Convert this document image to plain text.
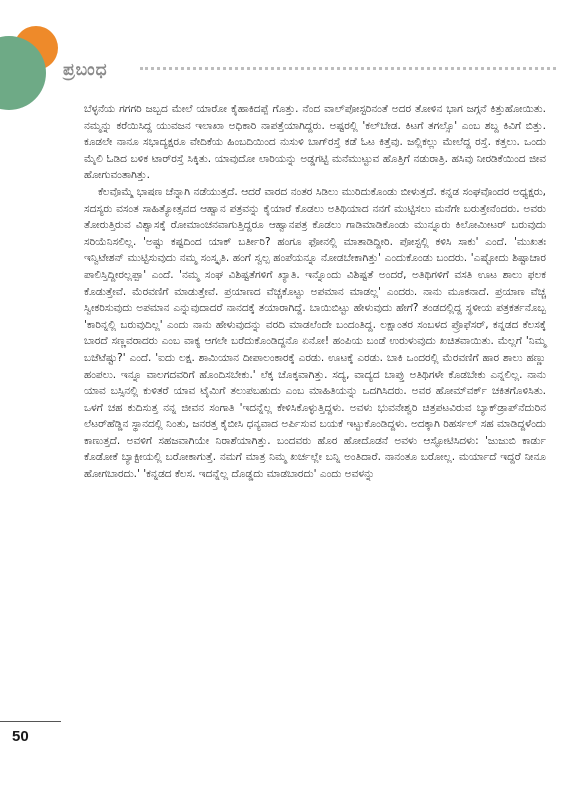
ಪ್ರಬಂಧ

ಬೆಳ್ಳನೆಯ ಗಗಗರಿ ಜಬ್ಬದ ಮೇಲೆ ಯಾರೋ ಕೈಹಾಕಿದಪ್ಪೆ ಗೊತ್ತು. ನೆಂದ ವಾಲ್‌ಪೋಸ್ಟರಿನಂತೆ ಅದರ ತೋಳಿನ ಭಾಗ ಜಗ್ಗನೆ ಕಿತ್ತುಹೋಯಿತು. ನಮ್ಮನ್ನು ಕರೆಯಿಸಿದ್ದ ಯುವಜನ ಇಲಾಖಾ ಅಧಿಕಾರಿ ನಾಪತ್ತೆಯಾಗಿದ್ದರು. ಅಷ್ಟರಲ್ಲಿ 'ಕಲ್‌ಬೇಡ. ಕಿಟಗೆ ತಗಲ್ಸೊ' ಎಂಬ ಶಬ್ದ ಕಿವಿಗೆ ಬಿತ್ತು. ಕೂಡಲೇ ನಾನೂ ಸಭಾದ್ಯಕ್ಷರೂ ವೇದಿಕೆಯ ಹಿಂಬದಿಯಿಂದ ನುಸುಳಿ ಬಾಗ್‌ರಸ್ತೆ ಕಡೆ ಓಟ ಕಿತ್ತೆವು. ಜಲ್ಲಿಕಲ್ಲು ಮೇಲೆದ್ದ ರಸ್ತೆ. ಕತ್ತಲು. ಒಂದು ಮೈಲಿ ಓಡಿದ ಬಳಿಕ ಟಾರ್‌ರಸ್ತೆ ಸಿಕ್ಕಿತು. ಯಾವುದೋ ಲಾರಿಯನ್ನು ಅಡ್ಡಗಟ್ಟಿ ಮನೆಮುಟ್ಟುವ ಹೊತ್ತಿಗೆ ನಡುರಾತ್ರಿ. ಹಸಿವು ನೀರಡಿಕೆಯಿಂದ ಜೀವ ಹೋಗುವಂತಾಗಿತ್ತು.

ಕೆಲವೊಮ್ಮೆ ಭಾಷಣ ಚೆನ್ನಾಗಿ ನಡೆಯುತ್ತದೆ. ಆದರೆ ವಾರದ ನಂತರ ಸಿಡಿಲು ಮುರಿದುಕೊಂಡು ಬೀಳುತ್ತದೆ. ಕನ್ನಡ ಸಂಘವೊಂದರ ಅಧ್ಯಕ್ಷರು, ಸದಸ್ಯರು ವಸಂತ ಸಾಹಿತ್ಯೋತ್ಸವದ ಆಹ್ವಾನ ಪತ್ರವನ್ನು ಕೈಯಾರೆ ಕೊಡಲು ಅತಿಥಿಯಾದ ನನಗೆ ಮುಟ್ಟಿಸಲು ಮನೆಗೇ ಬರುತ್ತೇನೆಂದರು. ಅವರು ತೋರುತ್ತಿರುವ ವಿಶ್ವಾಸಕ್ಕೆ ರೋಮಾಂಚನವಾಗುತ್ತಿದ್ದರೂ ಆಹ್ವಾನಪತ್ರ ಕೊಡಲು ಗಾಡಿಮಾಡಿಕೊಂಡು ಮುನ್ನೂರು ಕಿಲೋಮೀಟರ್ ಬರುವುದು ಸರಿಯೆನಿಸಲಿಲ್ಲ. 'ಅಷ್ಟು ಕಷ್ಟದಿಂದ ಯಾಕ್ ಬರ್ತೀರಿ? ಹಂಗೂ ಫೋನಲ್ಲಿ ಮಾತಾಡಿದ್ದೀರಿ. ಪೋಸ್ಟಲ್ಲಿ ಕಳಿಸಿ ಸಾಕು' ಎಂದೆ. 'ಮುಖತಃ ಇನ್ವಿಟೇಶನ್ ಮುಟ್ಟಿಸುವುದು ನಮ್ಮ ಸಂಸ್ಕೃತಿ. ಹಂಗೆ ಸ್ವಲ್ಪ ಹಂಪೆಯನ್ನೂ ನೋಡಬೇಕಾಗಿತ್ತು' ಎಂದುಕೊಂಡು ಬಂದರು. 'ಎಷ್ಟೋದು ಶಿಷ್ಟಾಚಾರ ಪಾಲಿಸ್ತಿದ್ದೀರಲ್ಲಪ್ಪಾ' ಎಂದೆ. 'ನಮ್ಮ ಸಂಘ ವಿಶಿಷ್ಟತೆಗಳಿಗೆ ಖ್ಯಾತಿ. ಇನ್ನೊಂದು ವಿಶಿಷ್ಟತೆ ಅಂದರೆ, ಅತಿಥಿಗಳಿಗೆ ವಸತಿ ಊಟ ಶಾಲು ಫಲಕ ಕೊಡುತ್ತೇವೆ. ಮೆರವಣಿಗೆ ಮಾಡುತ್ತೇವೆ. ಪ್ರಯಾಣದ ವೆಚ್ಚಕೊಟ್ಟು ಅಪಮಾನ ಮಾಡಲ್ಲ' ಎಂದರು. ನಾನು ಮೂಕನಾದೆ. ಪ್ರಯಾಣ ವೆಚ್ಚ ಸ್ವೀಕರಿಸುವುದು ಅಪಮಾನ ಎನ್ನುವುದಾದರೆ ನಾನದಕ್ಕೆ ತಯಾರಾಗಿದ್ದೆ. ಬಾಯಿಬಿಟ್ಟು ಹೇಳುವುದು ಹೇಗೆ? ತಂಡದಲ್ಲಿದ್ದ ಸ್ಥಳೀಯ ಪತ್ರಕರ್ತನೊಬ್ಬ 'ಕಾರಿನ್ನಲ್ಲಿ ಬರುವುದಿಲ್ಲ' ಎಂದು ನಾನು ಹೇಳುವುದನ್ನು ವರದಿ ಮಾಡಲೆಂದೇ ಬಂದಂತಿದ್ದ. ಲಕ್ಷಾಂತರ ಸಂಬಳದ ಪ್ರೊಫೆಸರ್, ಕನ್ನಡದ ಕೆಲಸಕ್ಕೆ ಬಾರದೆ ಸಣ್ಣವರಾದರು ಎಂಬ ವಾಕ್ಯ ಆಗಲೇ ಬರೆದುಕೊಂಡಿದ್ದನೊ ಏನೋ! ಹಂಪಿಯ ಬಂಡೆ ಉರುಳುವುದು ಖಚಿತವಾಯಿತು. ಮೆಲ್ಲಗೆ 'ನಿಮ್ಮ ಬಜೆಟೆಷ್ಟು?' ಎಂದೆ. 'ಐದು ಲಕ್ಷ. ಶಾಮಿಯಾನ ದೀಪಾಲಂಕಾರಕ್ಕೆ ಎರಡು. ಊಟಕ್ಕೆ ಎರಡು. ಬಾಕಿ ಒಂದರಲ್ಲಿ ಮೆರವಣಿಗೆ ಹಾರ ಶಾಲು ಹಣ್ಣು ಹಂಪಲು. ಇನ್ನೂ ವಾಲಗದವರಿಗೆ ಹೊಂದಿಸಬೇಕು.' ಲೆಕ್ಕ ಚೊಕ್ಕವಾಗಿತ್ತು. ಸದ್ಯ, ವಾದ್ಯದ ಬಾಪ್ತು ಅತಿಥಿಗಳೇ ಕೊಡಬೇಕು ಎನ್ನಲಿಲ್ಲ. ನಾನು ಯಾವ ಬಸ್ಸಿನಲ್ಲಿ ಕುಳಿತರೆ ಯಾವ ಟೈಮಿಗೆ ತಲುಪಬಹುದು ಎಂಬ ಮಾಹಿತಿಯನ್ನು ಒದಗಿಸಿದರು. ಅವರ ಹೋಮ್‌ವರ್ಕ್ ಚಕಿತಗೊಳಿಸಿತು. ಒಳಗೆ ಚಹ ಕುದಿಸುತ್ತ ನನ್ನ ಜೀವನ ಸಂಗಾತಿ 'ಇದನ್ನೆಲ್ಲ ಕೇಳಿಸಿಕೊಳ್ಳುತ್ತಿದ್ದಳು. ಅವಳು ಭುವನೇಶ್ವರಿ ಚಿತ್ರಪಟವಿರುವ ಬ್ಯಾಕ್‌ಡ್ರಾಪ್‌ನೆದುರಿನ ಲೆಟರ್‌ಹೆಡ್ಡಿನ ಸ್ಥಾನದಲ್ಲಿ ನಿಂತು, ಜನರತ್ತ ಕೈಬೀಸಿ ಧನ್ಯವಾದ ಅರ್ಪಿಸುವ ಬಯಕೆ ಇಟ್ಟುಕೊಂಡಿದ್ದಳು. ಅದಕ್ಕಾಗಿ ರಿಹರ್ಸಲ್ ಸಹ ಮಾಡಿದ್ದಳೆಂದು ಕಾಣುತ್ತದೆ. ಅವಳಿಗೆ ಸಹಜವಾಗಿಯೇ ನಿರಾಶೆಯಾಗಿತ್ತು. ಬಂದವರು ಹೊರ ಹೋದೊಡನೆ ಅವಳು ಆಸ್ಫೋಟಿಸಿದಳು: 'ಜುಜುಬಿ ಕಾರ್ಡು ಕೊಡೋಕೆ ಬ್ಯಾಕ್ಟೀಯಲ್ಲಿ ಬರೋಕಾಗುತ್ತೆ. ನಮಗೆ ಮಾತ್ರ ನಿಮ್ಮ ಖರ್ಚಲ್ಲೇ ಬನ್ನಿ ಅಂತಿದಾರೆ. ನಾನಂತೂ ಬರೋಲ್ಲ. ಮರ್ಯಾದೆ ಇದ್ದರೆ ನೀನೂ ಹೋಗಬಾರದು.' 'ಕನ್ನಡದ ಕೆಲಸ. ಇದನ್ನೆಲ್ಲ ದೊಡ್ಡದು ಮಾಡಬಾರದು' ಎಂದು ಅವಳನ್ನು

50
